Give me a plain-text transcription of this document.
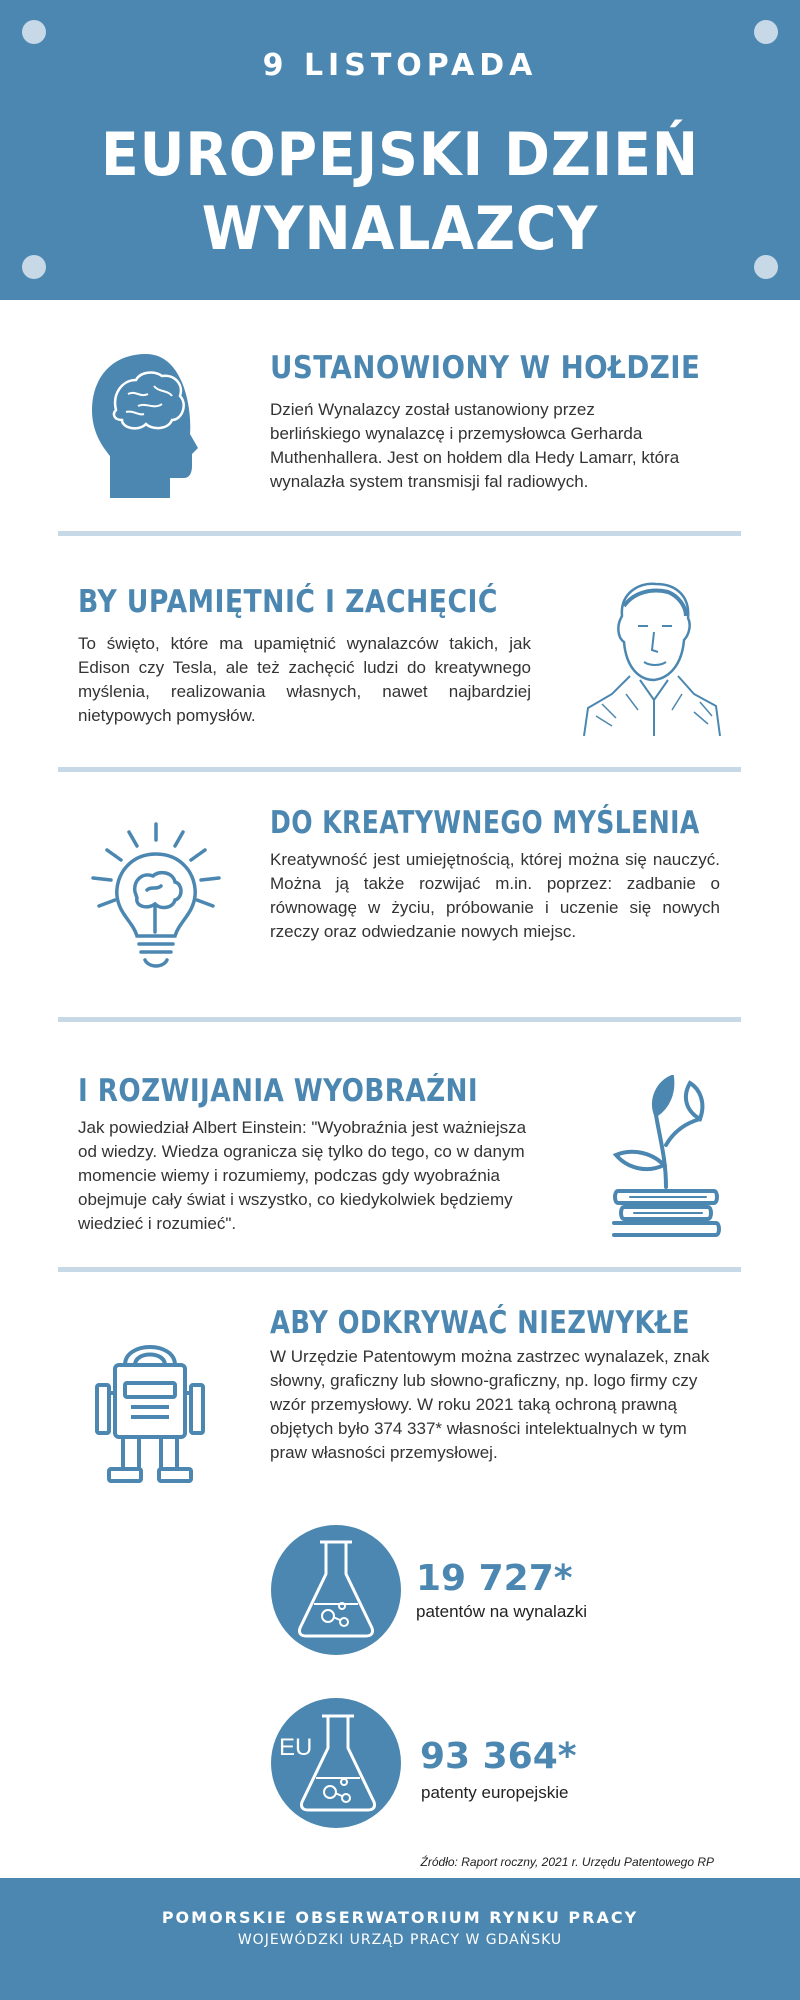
9 LISTOPADA
EUROPEJSKI DZIEŃ
WYNALAZCY
USTANOWIONY W HOŁDZIE
Dzień Wynalazcy został ustanowiony przez berlińskiego wynalazcę i przemysłowca Gerharda Muthenhallera. Jest on hołdem dla Hedy Lamarr, która wynalazła system transmisji fal radiowych.
BY UPAMIĘTNIĆ I ZACHĘCIĆ
To święto, które ma upamiętnić wynalazców takich, jak Edison czy Tesla, ale też zachęcić ludzi do kreatywnego myślenia, realizowania własnych, nawet najbardziej nietypowych pomysłów.
DO KREATYWNEGO MYŚLENIA
Kreatywność jest umiejętnością, której można się nauczyć. Można ją także rozwijać m.in. poprzez: zadbanie o równowagę w życiu, próbowanie i uczenie się nowych rzeczy oraz odwiedzanie nowych miejsc.
I ROZWIJANIA WYOBRAŹNI
Jak powiedział Albert Einstein: "Wyobraźnia jest ważniejsza od wiedzy. Wiedza ogranicza się tylko do tego, co w danym momencie wiemy i rozumiemy, podczas gdy wyobraźnia obejmuje cały świat i wszystko, co kiedykolwiek będziemy wiedzieć i rozumieć".
ABY ODKRYWAĆ NIEZWYKŁE
W Urzędzie Patentowym można zastrzec wynalazek, znak słowny, graficzny lub słowno-graficzny, np. logo firmy czy wzór przemysłowy. W roku 2021 taką ochroną prawną objętych było 374 337* własności intelektualnych w tym praw własności przemysłowej.
19 727*
patentów na wynalazki
EU	93 364*
patenty europejskie
Źródło: Raport roczny, 2021 r. Urzędu Patentowego RP
POMORSKIE OBSERWATORIUM RYNKU PRACY
WOJEWÓDZKI URZĄD PRACY W GDAŃSKU
